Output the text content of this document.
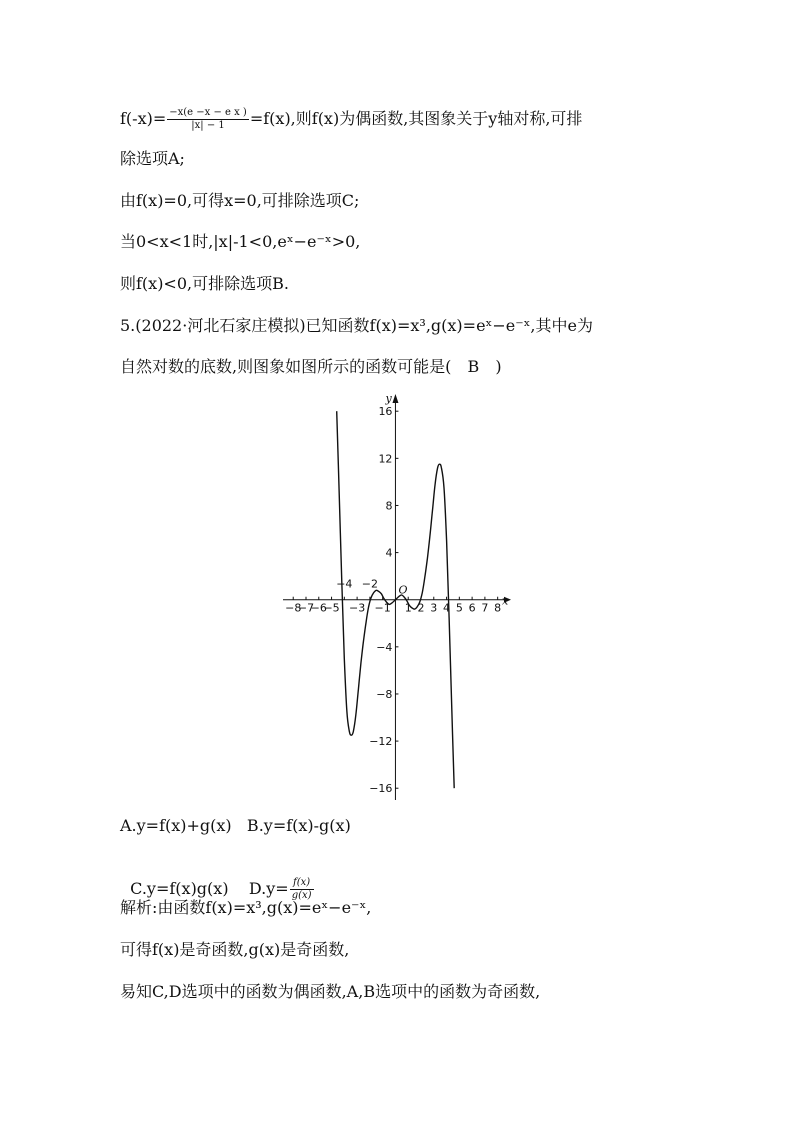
$f(-x)= \frac{\text{−x(e −x − e x )}}{|x| - 1} =f(x)$,则f(x)为偶函数,其图象关于y轴对称,可排
除选项A;
由f(x)=0,可得x=0,可排除选项C;
当0<x<1时,|x|-1<0,eˣ−e⁻ˣ>0,
则f(x)<0,可排除选项B.
5.(2022·河北石家庄模拟)已知函数f(x)=x³,g(x)=eˣ−e⁻ˣ,其中e为
自然对数的底数,则图象如图所示的函数可能是( B )
x
y
O
−8
−7
−6
−5 −3 −1 1 2 3 4 5 6 7 8
−4 −2
16
12
8
4
−4
−8
−12
−16
A.y=f(x)+g(x)   B.y=f(x)-g(x)

C.y=f(x)g(x)    $D.y= \frac{f(x)}{g(x)}$

解析:由函数f(x)=x³,g(x)=eˣ−e⁻ˣ,
可得f(x)是奇函数,g(x)是奇函数,
易知C,D选项中的函数为偶函数,A,B选项中的函数为奇函数,
